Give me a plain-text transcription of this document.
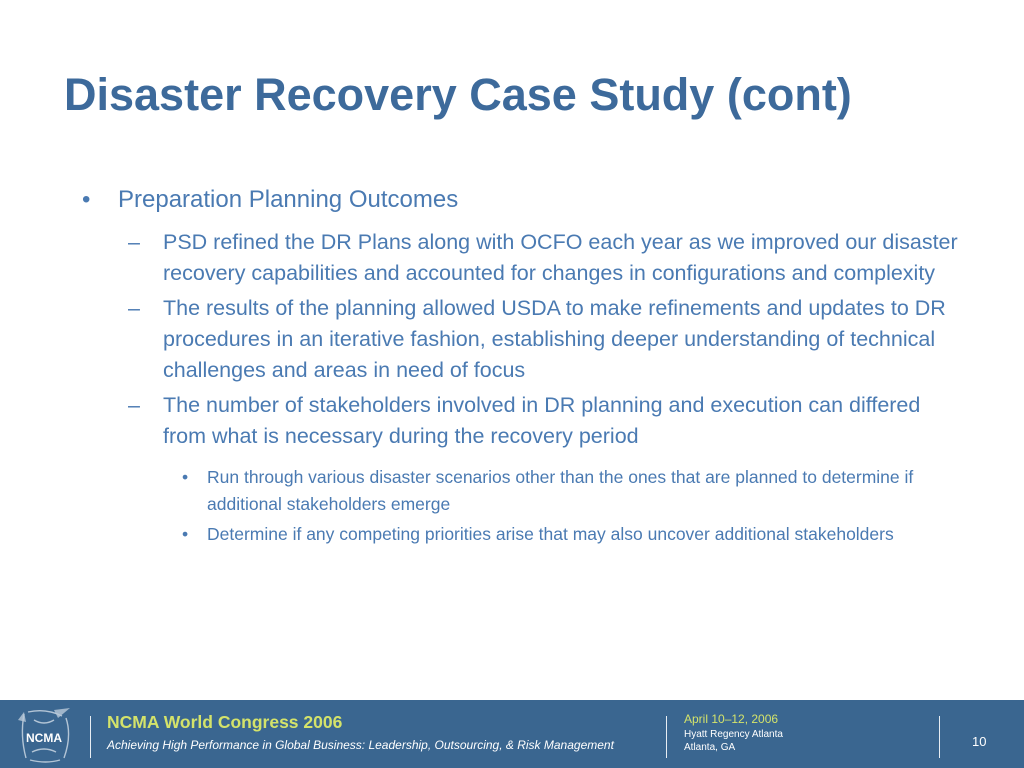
Disaster Recovery Case Study (cont)
• Preparation Planning Outcomes
– PSD refined the DR Plans along with OCFO each year as we improved our disaster recovery capabilities and accounted for changes in configurations and complexity
– The results of the planning allowed USDA to make refinements and updates to DR procedures in an iterative fashion, establishing deeper understanding of technical challenges and areas in need of focus
– The number of stakeholders involved in DR planning and execution can differed from what is necessary during the recovery period
• Run through various disaster scenarios other than the ones that are planned to determine if additional stakeholders emerge
• Determine if any competing priorities arise that may also uncover additional stakeholders
NCMA
NCMA World Congress 2006
Achieving High Performance in Global Business: Leadership, Outsourcing, & Risk Management
April 10–12, 2006
Hyatt Regency Atlanta
Atlanta, GA	10
